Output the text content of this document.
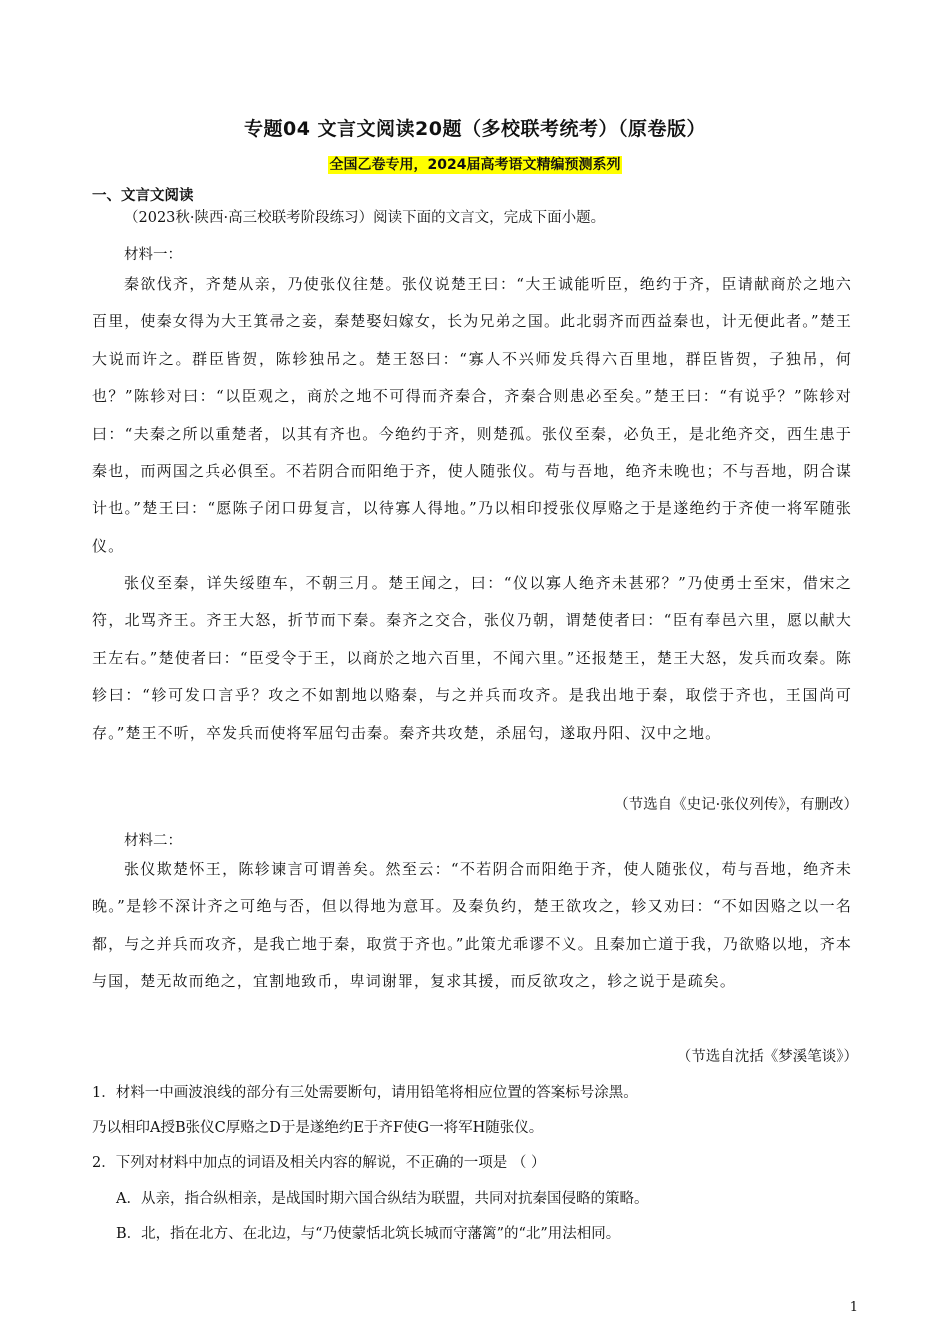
专题04 文言文阅读20题（多校联考统考）（原卷版）
全国乙卷专用，2024届高考语文精编预测系列
一、文言文阅读
（2023秋·陕西·高三校联考阶段练习）阅读下面的文言文，完成下面小题。
材料一：
秦欲伐齐，齐楚从亲，乃使张仪往楚。张仪说楚王曰：“大王诚能听臣，绝约于齐，臣请献商於之地六百里，使秦女得为大王箕帚之妾，秦楚娶妇嫁女，长为兄弟之国。此北弱齐而西益秦也，计无便此者。”楚王大说而许之。群臣皆贺，陈轸独吊之。楚王怒曰：“寡人不兴师发兵得六百里地，群臣皆贺，子独吊，何也？”陈轸对曰：“以臣观之，商於之地不可得而齐秦合，齐秦合则患必至矣。”楚王曰：“有说乎？”陈轸对曰：“夫秦之所以重楚者，以其有齐也。今绝约于齐，则楚孤。张仪至秦，必负王，是北绝齐交，西生患于秦也，而两国之兵必俱至。不若阴合而阳绝于齐，使人随张仪。苟与吾地，绝齐未晚也；不与吾地，阴合谋计也。”楚王曰：“愿陈子闭口毋复言，以待寡人得地。”乃以相印授张仪厚赂之于是遂绝约于齐使一将军随张仪。
张仪至秦，详失绥堕车，不朝三月。楚王闻之，曰：“仪以寡人绝齐未甚邪？”乃使勇士至宋，借宋之符，北骂齐王。齐王大怒，折节而下秦。秦齐之交合，张仪乃朝，谓楚使者曰：“臣有奉邑六里，愿以献大王左右。”楚使者曰：“臣受令于王，以商於之地六百里，不闻六里。”还报楚王，楚王大怒，发兵而攻秦。陈轸曰：“轸可发口言乎？攻之不如割地以赂秦，与之并兵而攻齐。是我出地于秦，取偿于齐也，王国尚可存。”楚王不听，卒发兵而使将军屈匄击秦。秦齐共攻楚，杀屈匄，遂取丹阳、汉中之地。
（节选自《史记·张仪列传》，有删改）
材料二：
张仪欺楚怀王，陈轸谏言可谓善矣。然至云：“不若阴合而阳绝于齐，使人随张仪，苟与吾地，绝齐未晚。”是轸不深计齐之可绝与否，但以得地为意耳。及秦负约，楚王欲攻之，轸又劝曰：“不如因赂之以一名都，与之并兵而攻齐，是我亡地于秦，取赏于齐也。”此策尤乖谬不义。且秦加亡道于我，乃欲赂以地，齐本与国，楚无故而绝之，宜割地致币，卑词谢罪，复求其援，而反欲攻之，轸之说于是疏矣。
（节选自沈括《梦溪笔谈》）
1．材料一中画波浪线的部分有三处需要断句，请用铅笔将相应位置的答案标号涂黑。
乃以相印A授B张仪C厚赂之D于是遂绝约E于齐F使G一将军H随张仪。
2．下列对材料中加点的词语及相关内容的解说，不正确的一项是 （ ）
A．从亲，指合纵相亲，是战国时期六国合纵结为联盟，共同对抗秦国侵略的策略。
B．北，指在北方、在北边，与“乃使蒙恬北筑长城而守藩篱”的“北”用法相同。
1
